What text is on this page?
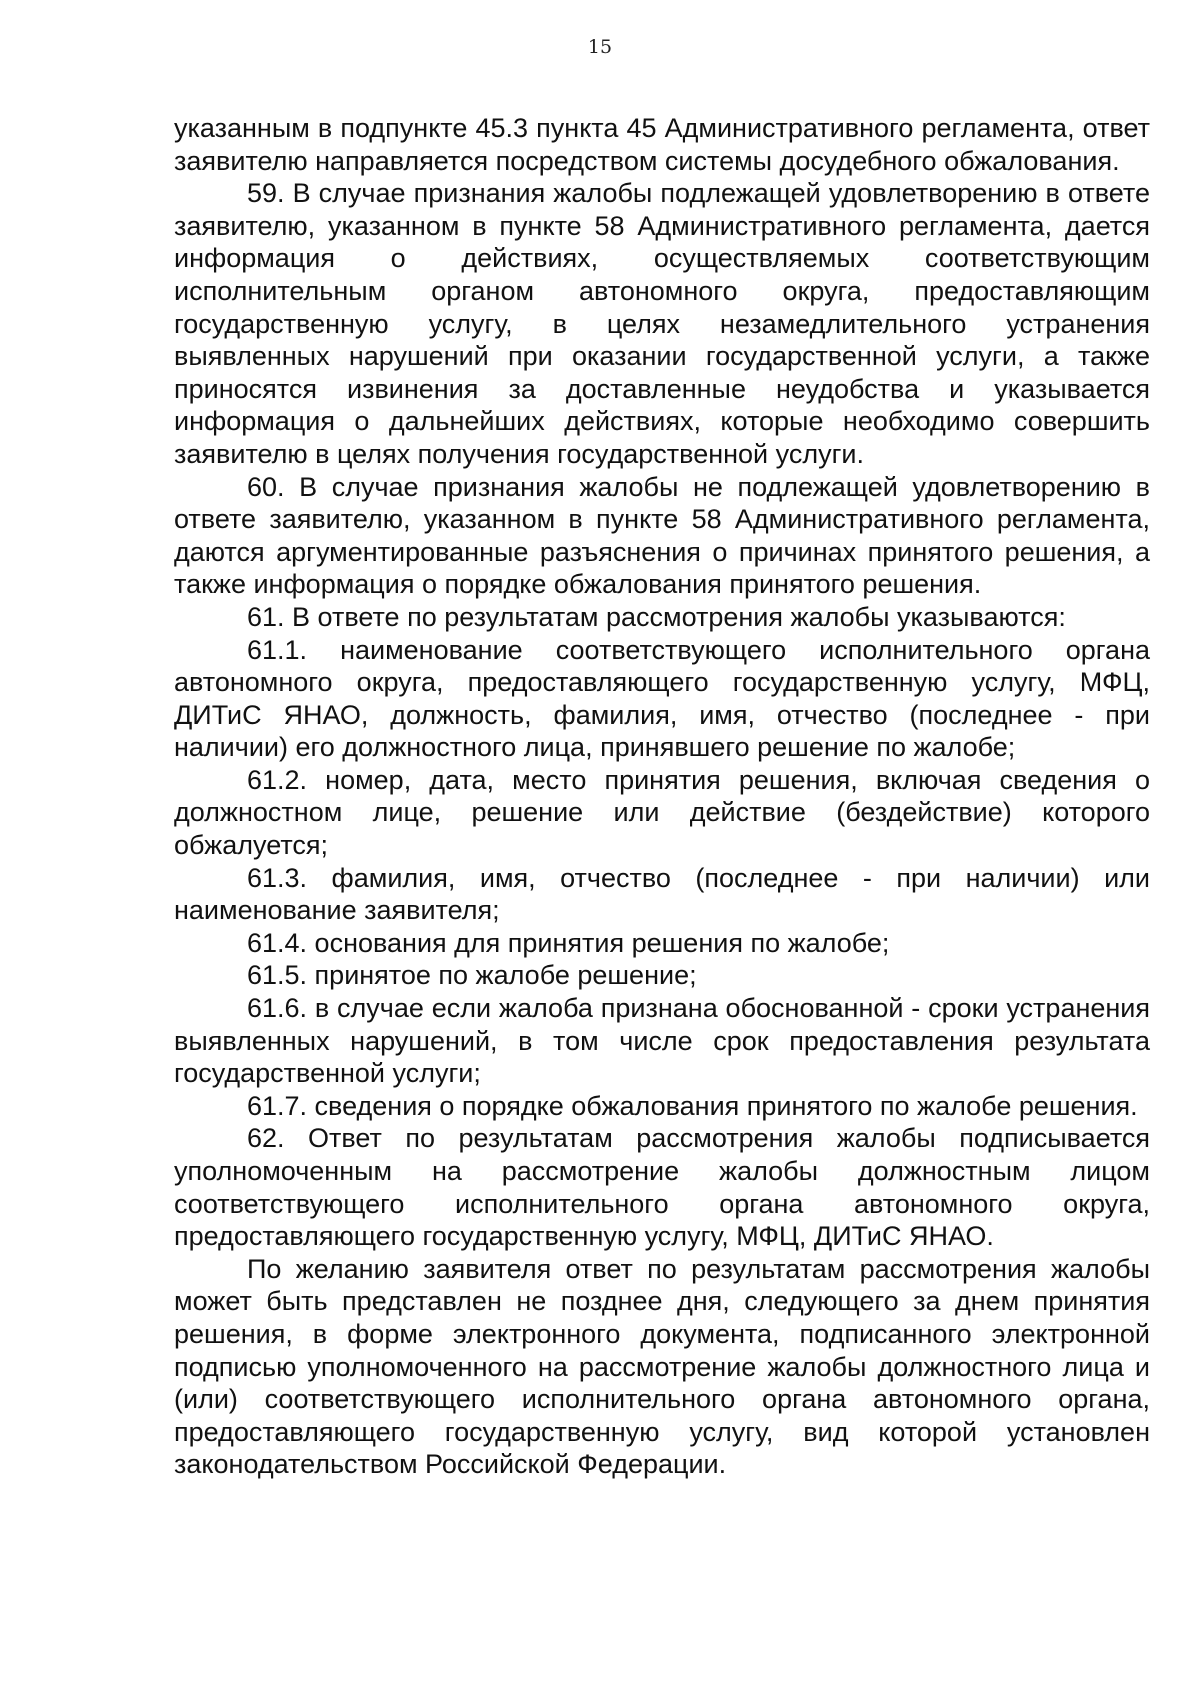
15

указанным в подпункте 45.3 пункта 45 Административного регламента, ответ заявителю направляется посредством системы досудебного обжалования.

59. В случае признания жалобы подлежащей удовлетворению в ответе заявителю, указанном в пункте 58 Административного регламента, дается информация о действиях, осуществляемых соответствующим исполнительным органом автономного округа, предоставляющим государственную услугу, в целях незамедлительного устранения выявленных нарушений при оказании государственной услуги, а также приносятся извинения за доставленные неудобства и указывается информация о дальнейших действиях, которые необходимо совершить заявителю в целях получения государственной услуги.

60. В случае признания жалобы не подлежащей удовлетворению в ответе заявителю, указанном в пункте 58 Административного регламента, даются аргументированные разъяснения о причинах принятого решения, а также информация о порядке обжалования принятого решения.

61. В ответе по результатам рассмотрения жалобы указываются:

61.1. наименование соответствующего исполнительного органа автономного округа, предоставляющего государственную услугу, МФЦ, ДИТиС ЯНАО, должность, фамилия, имя, отчество (последнее - при наличии) его должностного лица, принявшего решение по жалобе;

61.2. номер, дата, место принятия решения, включая сведения о должностном лице, решение или действие (бездействие) которого обжалуется;

61.3. фамилия, имя, отчество (последнее - при наличии) или наименование заявителя;

61.4. основания для принятия решения по жалобе;

61.5. принятое по жалобе решение;

61.6. в случае если жалоба признана обоснованной - сроки устранения выявленных нарушений, в том числе срок предоставления результата государственной услуги;

61.7. сведения о порядке обжалования принятого по жалобе решения.

62. Ответ по результатам рассмотрения жалобы подписывается уполномоченным на рассмотрение жалобы должностным лицом соответствующего исполнительного органа автономного округа, предоставляющего государственную услугу, МФЦ, ДИТиС ЯНАО.

По желанию заявителя ответ по результатам рассмотрения жалобы может быть представлен не позднее дня, следующего за днем принятия решения, в форме электронного документа, подписанного электронной подписью уполномоченного на рассмотрение жалобы должностного лица и (или) соответствующего исполнительного органа автономного органа, предоставляющего государственную услугу, вид которой установлен законодательством Российской Федерации.
